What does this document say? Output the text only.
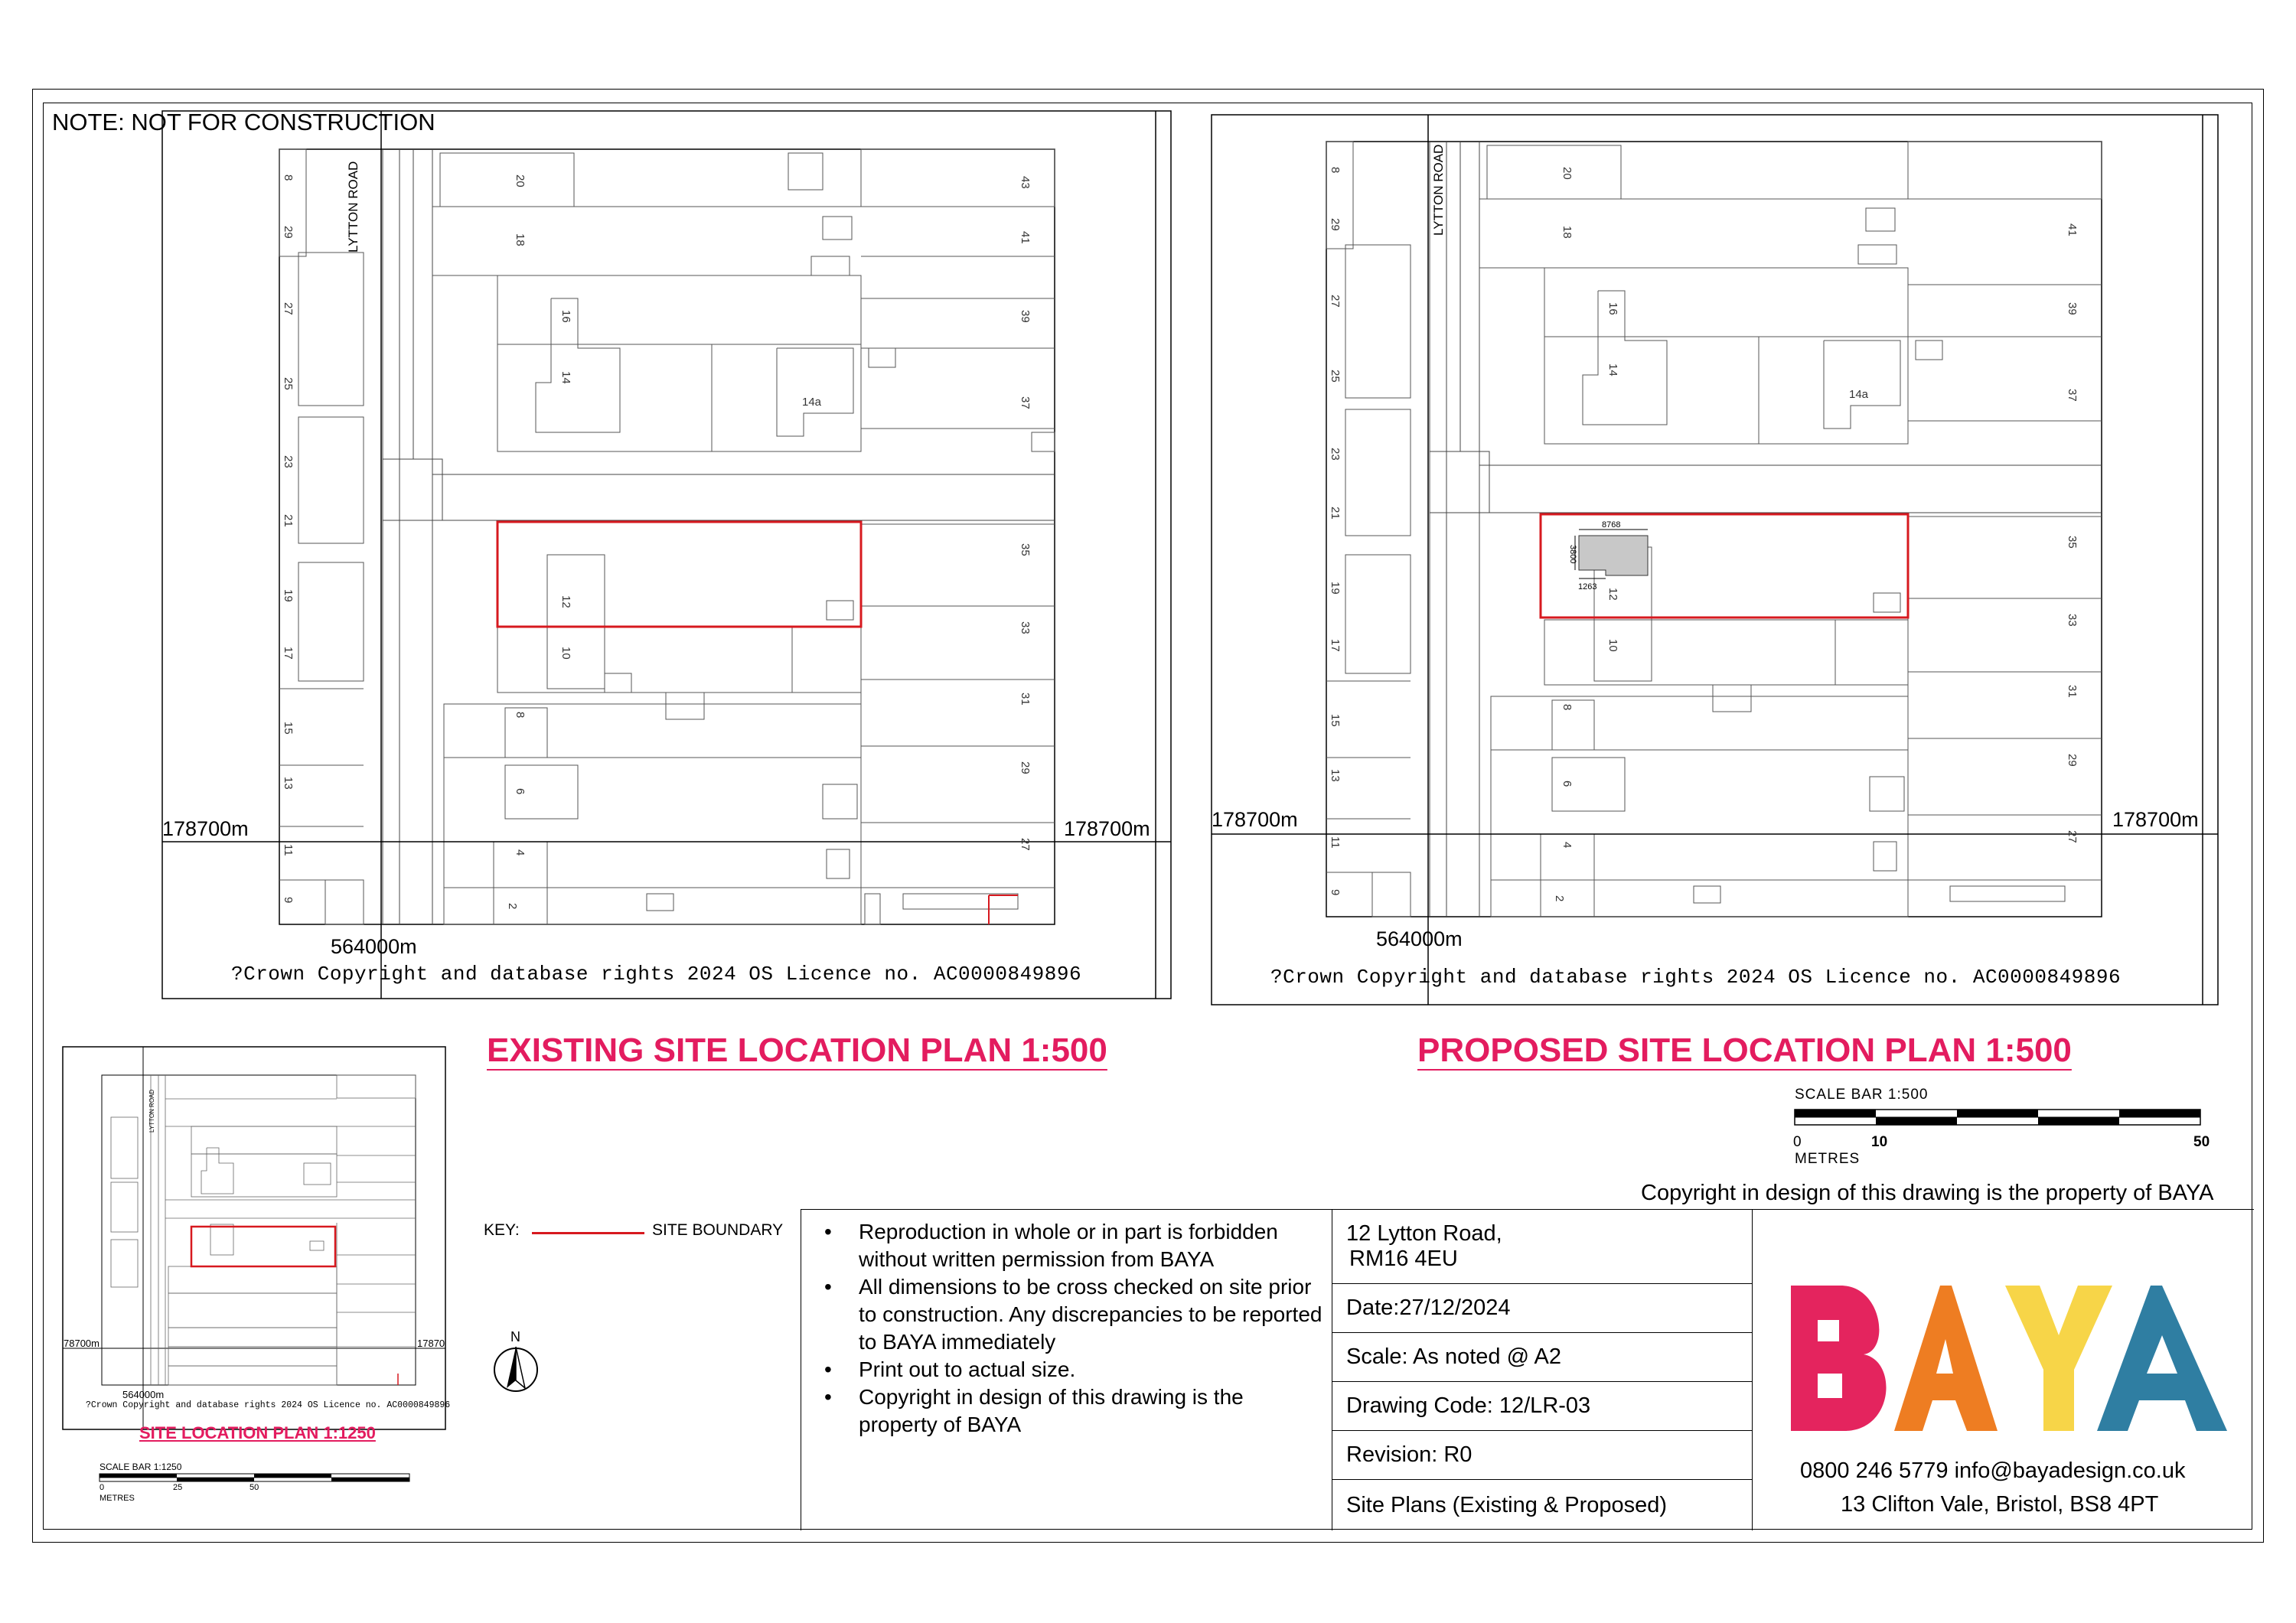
NOTE: NOT FOR CONSTRUCTION
20
18
16
14
14a
12
10
8
6
4
2
43
41
39
37
35
33
31
29
27
8
29
27
25
23
21
19
17
15
13
11
9
LYTTON ROAD
178700m	178700m
564000m
?Crown Copyright and database rights 2024 OS Licence no. AC0000849896
20
18
16
14
14a
12
10
8
6
4
2
41
39
37
35
33
31
29
27
8
29
27
25
23
21
19
17
15
13
11
9
8768
3800
1263
LYTTON ROAD
178700m	178700m
564000m
?Crown Copyright and database rights 2024 OS Licence no. AC0000849896
EXISTING SITE LOCATION PLAN 1:500	PROPOSED SITE LOCATION PLAN 1:500
SCALE BAR 1:500
0	10	50
METRES
Copyright in design of this drawing is the property of BAYA
LYTTON ROAD
78700m	17870
564000m
?Crown Copyright and database rights 2024 OS Licence no. AC0000849896
SITE LOCATION PLAN 1:1250
SCALE BAR 1:1250
0	25	50
METRES
KEY:	SITE BOUNDARY
N
• Reproduction in whole or in part is forbidden without written permission from BAYA
• All dimensions to be cross checked on site prior to construction. Any discrepancies to be reported to BAYA immediately
• Print out to actual size.
• Copyright in design of this drawing is the property of BAYA
12 Lytton Road,
RM16 4EU
Date:27/12/2024
Scale: As noted @ A2
Drawing Code: 12/LR-03
Revision: R0
Site Plans (Existing & Proposed)
0800 246 5779 info@bayadesign.co.uk
13 Clifton Vale, Bristol, BS8 4PT
